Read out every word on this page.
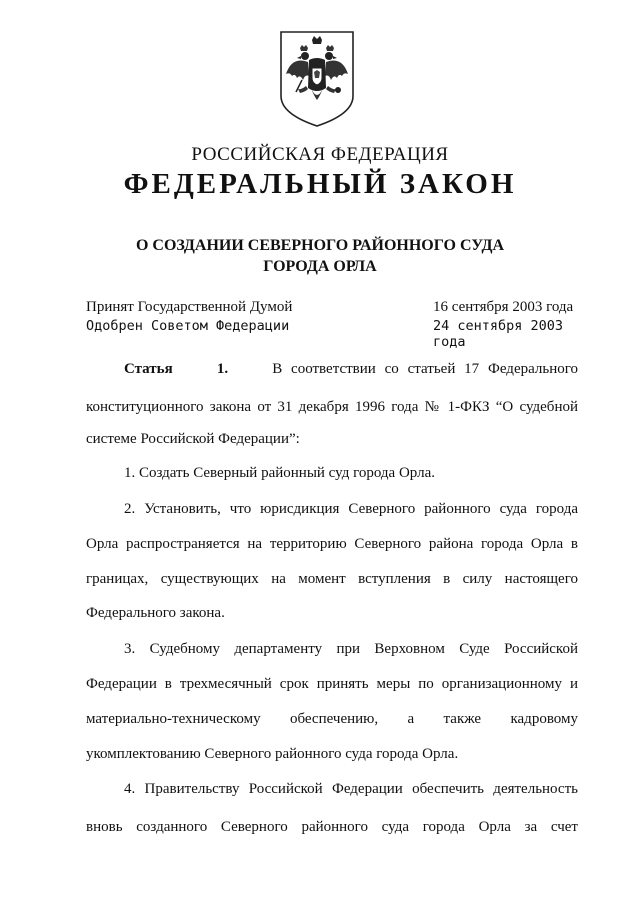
РОССИЙСКАЯ ФЕДЕРАЦИЯ
ФЕДЕРАЛЬНЫЙ ЗАКОН
О СОЗДАНИИ СЕВЕРНОГО РАЙОННОГО СУДА
ГОРОДА ОРЛА
Принят Государственной Думой	16 сентября 2003 года
Одобрен Советом Федерации	24 сентября 2003 года
Статья	1.	В соответствии со статьей 17 Федерального
конституционного закона от 31 декабря 1996 года № 1-ФКЗ “О судебной
системе Российской Федерации”:
1. Создать Северный районный суд города Орла.
2. Установить, что юрисдикция Северного районного суда города
Орла распространяется на территорию Северного района города Орла в
границах, существующих на момент вступления в силу настоящего
Федерального закона.
3. Судебному департаменту при Верховном Суде Российской
Федерации в трехмесячный срок принять меры по организационному и
материально-техническому обеспечению, а также кадровому
укомплектованию Северного районного суда города Орла.
4. Правительству Российской Федерации обеспечить деятельность
вновь созданного Северного районного суда города Орла за счет
